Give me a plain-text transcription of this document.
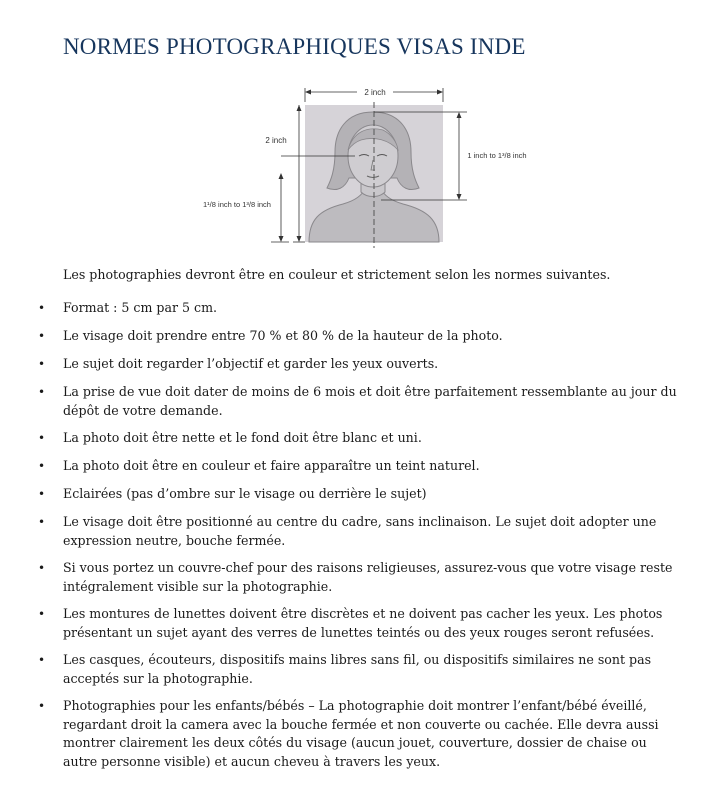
NORMES PHOTOGRAPHIQUES VISAS INDE
2 inch
2 inch
1¹/8 inch to 1³/8 inch
1 inch to 1³/8 inch
Les photographies devront être en couleur et strictement selon les normes suivantes.
• Format : 5 cm par 5 cm.
• Le visage doit prendre entre 70 % et 80 % de la hauteur de la photo.
• Le sujet doit regarder l’objectif et garder les yeux ouverts.
• La prise de vue doit dater de moins de 6 mois et doit être parfaitement ressemblante au jour du dépôt de votre demande.
• La photo doit être nette et le fond doit être blanc et uni.
• La photo doit être en couleur et faire apparaître un teint naturel.
• Eclairées (pas d’ombre sur le visage ou derrière le sujet)
• Le visage doit être positionné au centre du cadre, sans inclinaison. Le sujet doit adopter une expression neutre, bouche fermée.
• Si vous portez un couvre-chef pour des raisons religieuses, assurez-vous que votre visage reste intégralement visible sur la photographie.
• Les montures de lunettes doivent être discrètes et ne doivent pas cacher les yeux. Les photos présentant un sujet ayant des verres de lunettes teintés ou des yeux rouges seront refusées.
• Les casques, écouteurs, dispositifs mains libres sans fil, ou dispositifs similaires ne sont pas acceptés sur la photographie.
• Photographies pour les enfants/bébés – La photographie doit montrer l’enfant/bébé éveillé, regardant droit la camera avec la bouche fermée et non couverte ou cachée. Elle devra aussi montrer clairement les deux côtés du visage (aucun jouet, couverture, dossier de chaise ou autre personne visible) et aucun cheveu à travers les yeux.
